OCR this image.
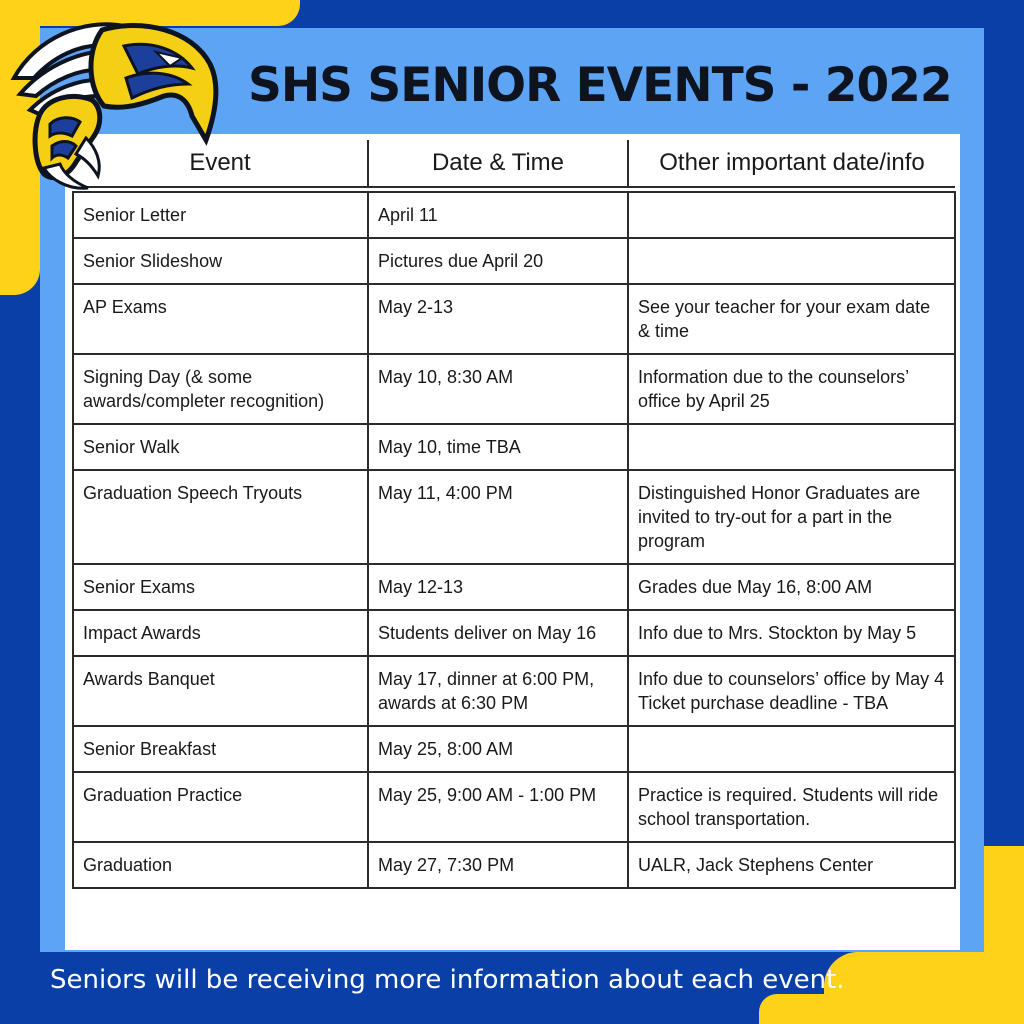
SHS SENIOR EVENTS - 2022
Event	Date & Time	Other important date/info

Senior Letter	April 11	
Senior Slideshow	Pictures due April 20	
AP Exams	May 2-13	See your teacher for your exam date & time
Signing Day (& some awards/completer recognition)	May 10, 8:30 AM	Information due to the counselors’ office by April 25
Senior Walk	May 10, time TBA	
Graduation Speech Tryouts	May 11, 4:00 PM	Distinguished Honor Graduates are invited to try-out for a part in the program
Senior Exams	May 12-13	Grades due May 16, 8:00 AM
Impact Awards	Students deliver on May 16	Info due to Mrs. Stockton by May 5
Awards Banquet	May 17, dinner at 6:00 PM, awards at 6:30 PM	Info due to counselors’ office by May 4
Ticket purchase deadline - TBA
Senior Breakfast	May 25, 8:00 AM	
Graduation Practice	May 25, 9:00 AM - 1:00 PM	Practice is required. Students will ride school transportation.
Graduation	May 27, 7:30 PM	UALR, Jack Stephens Center

Seniors will be receiving more information about each event.
